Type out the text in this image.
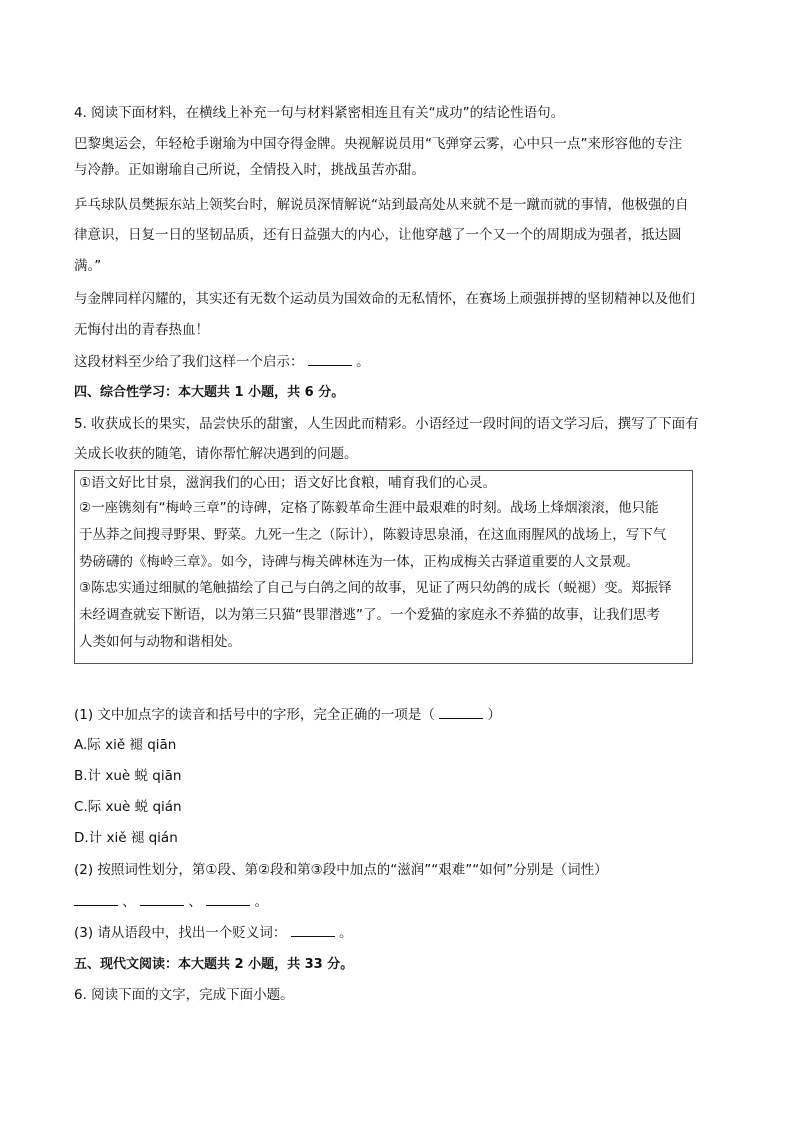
4. 阅读下面材料，在横线上补充一句与材料紧密相连且有关“成功”的结论性语句。
巴黎奥运会，年轻枪手谢瑜为中国夺得金牌。央视解说员用“飞弹穿云雾，心中只一点”来形容他的专注
与冷静。正如谢瑜自己所说，全情投入时，挑战虽苦亦甜。
乒乓球队员樊振东站上领奖台时，解说员深情解说“站到最高处从来就不是一蹴而就的事情，他极强的自
律意识，日复一日的坚韧品质，还有日益强大的内心，让他穿越了一个又一个的周期成为强者，抵达圆
满。”
与金牌同样闪耀的，其实还有无数个运动员为国效命的无私情怀，在赛场上顽强拼搏的坚韧精神以及他们
无悔付出的青春热血！
这段材料至少给了我们这样一个启示：	。
四、综合性学习：本大题共 1 小题，共 6 分。
5. 收获成长的果实，品尝快乐的甜蜜，人生因此而精彩。小语经过一段时间的语文学习后，撰写了下面有
关成长收获的随笔，请你帮忙解决遇到的问题。
①语文好比甘泉，滋润我们的心田；语文好比食粮，哺育我们的心灵。
②一座镌刻有“梅岭三章”的诗碑，定格了陈毅革命生涯中最艰难的时刻。战场上烽烟滚滚，他只能
于丛莽之间搜寻野果、野菜。九死一生之（际计），陈毅诗思泉涌，在这血雨腥风的战场上，写下气
势磅礴的《梅岭三章》。如今，诗碑与梅关碑林连为一体，正构成梅关古驿道重要的人文景观。
③陈忠实通过细腻的笔触描绘了自己与白鸽之间的故事，见证了两只幼鸽的成长（蜕褪）变。郑振铎
未经调查就妄下断语，以为第三只猫“畏罪潜逃”了。一个爱猫的家庭永不养猫的故事，让我们思考
人类如何与动物和谐相处。
(1) 文中加点字的读音和括号中的字形，完全正确的一项是（	）
A.际 xiě 褪 qiān
B.计 xuè 蜕 qiān
C.际 xuè 蜕 qián
D.计 xiě 褪 qián
(2) 按照词性划分，第①段、第②段和第③段中加点的“滋润”“艰难”“如何”分别是（词性）
、	、	。
(3) 请从语段中，找出一个贬义词：	。
五、现代文阅读：本大题共 2 小题，共 33 分。
6. 阅读下面的文字，完成下面小题。
